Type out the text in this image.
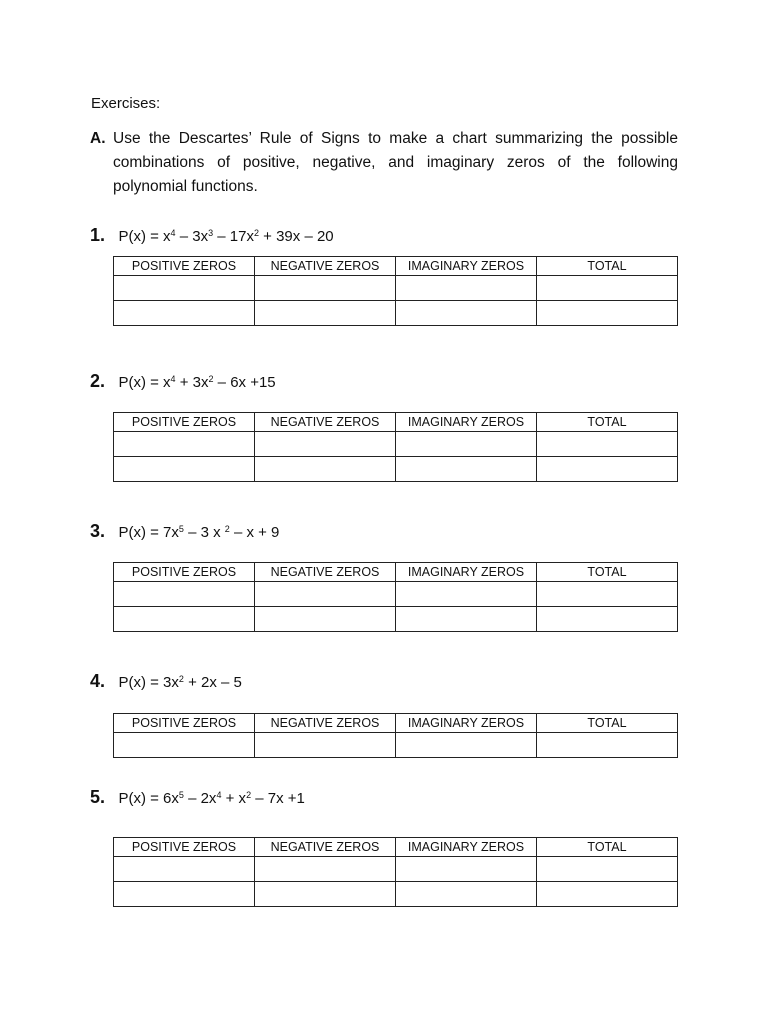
Exercises:
A. Use the Descartes’ Rule of Signs to make a chart summarizing the possible combinations of positive, negative, and imaginary zeros of the following polynomial functions.
1. $P(x) = x^4 - 3x^3 - 17x^2 + 39x - 20$
POSITIVE ZEROS	NEGATIVE ZEROS	IMAGINARY ZEROS	TOTAL

2. $P(x) = x^4 + 3x^2 - 6x +15$
POSITIVE ZEROS	NEGATIVE ZEROS	IMAGINARY ZEROS	TOTAL

3. $P(x) = 7x^5 - 3$ x $^2$ – x + 9
POSITIVE ZEROS	NEGATIVE ZEROS	IMAGINARY ZEROS	TOTAL

4. $P(x) = 3x^2 + 2x - 5$
POSITIVE ZEROS	NEGATIVE ZEROS	IMAGINARY ZEROS	TOTAL

5. $P(x) = 6x^5 - 2x^4 + x^2 - 7x +1$
POSITIVE ZEROS	NEGATIVE ZEROS	IMAGINARY ZEROS	TOTAL
